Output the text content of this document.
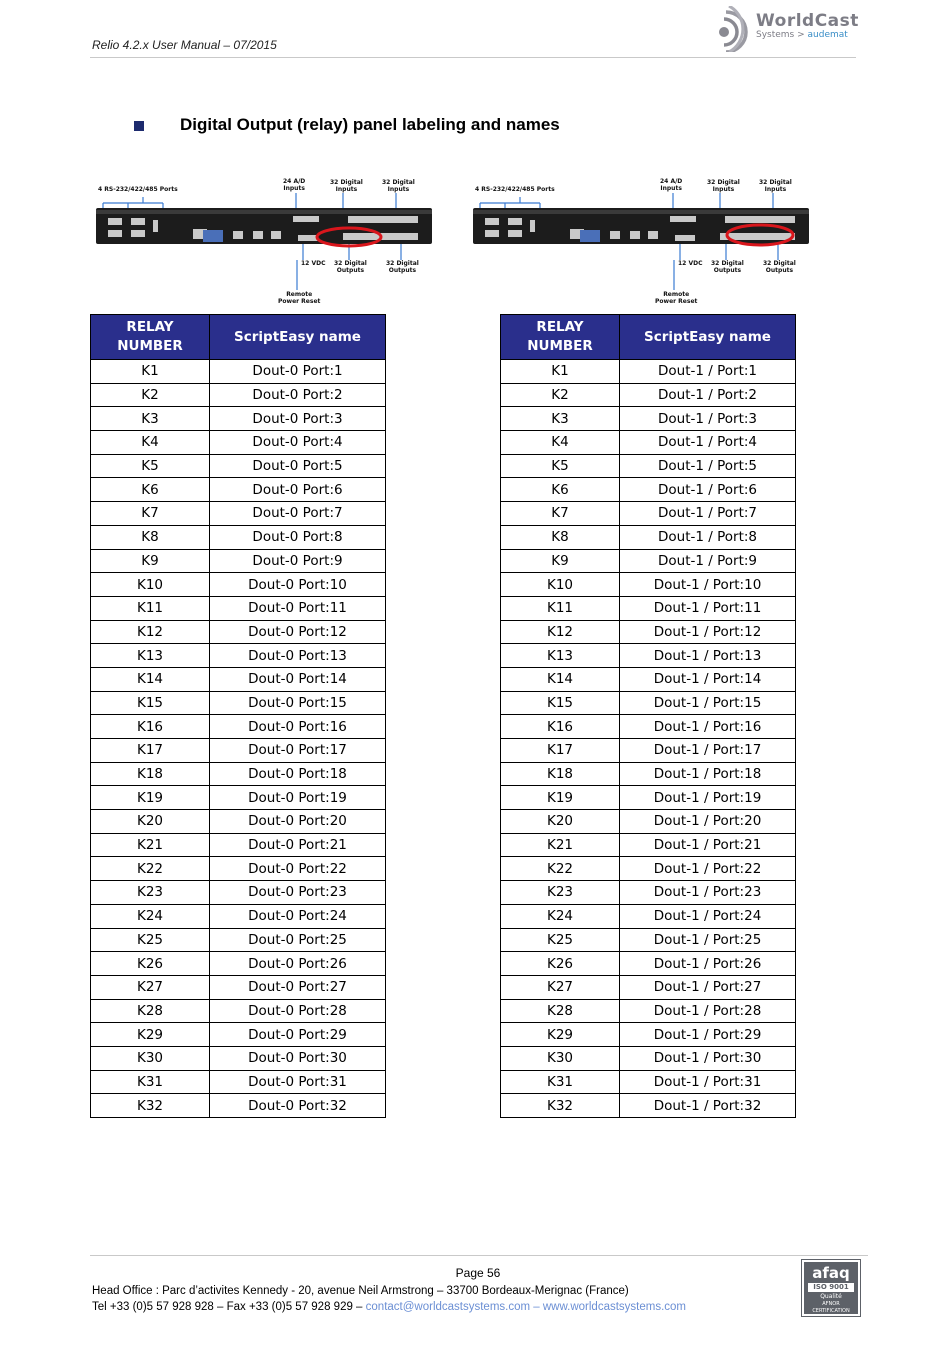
Relio 4.2.x User Manual – 07/2015
WorldCast
Systems > audemat
Digital Output (relay) panel labeling and names
4 RS-232/422/485 Ports
24 A/D
Inputs
32 Digital
Inputs
32 Digital
Inputs
12 VDC 32 Digital
Outputs
32 Digital
Outputs
Remote
Power Reset
4 RS-232/422/485 Ports
24 A/D
Inputs
32 Digital
Inputs
32 Digital
Inputs
12 VDC 32 Digital
Outputs
32 Digital
Outputs
Remote
Power Reset
RELAY NUMBER	ScriptEasy name
K1	Dout-0 Port:1
K2	Dout-0 Port:2
K3	Dout-0 Port:3
K4	Dout-0 Port:4
K5	Dout-0 Port:5
K6	Dout-0 Port:6
K7	Dout-0 Port:7
K8	Dout-0 Port:8
K9	Dout-0 Port:9
K10	Dout-0 Port:10
K11	Dout-0 Port:11
K12	Dout-0 Port:12
K13	Dout-0 Port:13
K14	Dout-0 Port:14
K15	Dout-0 Port:15
K16	Dout-0 Port:16
K17	Dout-0 Port:17
K18	Dout-0 Port:18
K19	Dout-0 Port:19
K20	Dout-0 Port:20
K21	Dout-0 Port:21
K22	Dout-0 Port:22
K23	Dout-0 Port:23
K24	Dout-0 Port:24
K25	Dout-0 Port:25
K26	Dout-0 Port:26
K27	Dout-0 Port:27
K28	Dout-0 Port:28
K29	Dout-0 Port:29
K30	Dout-0 Port:30
K31	Dout-0 Port:31
K32	Dout-0 Port:32
RELAY NUMBER	ScriptEasy name
K1	Dout-1 / Port:1
K2	Dout-1 / Port:2
K3	Dout-1 / Port:3
K4	Dout-1 / Port:4
K5	Dout-1 / Port:5
K6	Dout-1 / Port:6
K7	Dout-1 / Port:7
K8	Dout-1 / Port:8
K9	Dout-1 / Port:9
K10	Dout-1 / Port:10
K11	Dout-1 / Port:11
K12	Dout-1 / Port:12
K13	Dout-1 / Port:13
K14	Dout-1 / Port:14
K15	Dout-1 / Port:15
K16	Dout-1 / Port:16
K17	Dout-1 / Port:17
K18	Dout-1 / Port:18
K19	Dout-1 / Port:19
K20	Dout-1 / Port:20
K21	Dout-1 / Port:21
K22	Dout-1 / Port:22
K23	Dout-1 / Port:23
K24	Dout-1 / Port:24
K25	Dout-1 / Port:25
K26	Dout-1 / Port:26
K27	Dout-1 / Port:27
K28	Dout-1 / Port:28
K29	Dout-1 / Port:29
K30	Dout-1 / Port:30
K31	Dout-1 / Port:31
K32	Dout-1 / Port:32
Page 56
Head Office : Parc d’activites Kennedy - 20, avenue Neil Armstrong – 33700 Bordeaux-Merignac (France)
Tel +33 (0)5 57 928 928 – Fax +33 (0)5 57 928 929 – contact@worldcastsystems.com – www.worldcastsystems.com
afaq
ISO 9001
Qualité
AFNOR CERTIFICATION
